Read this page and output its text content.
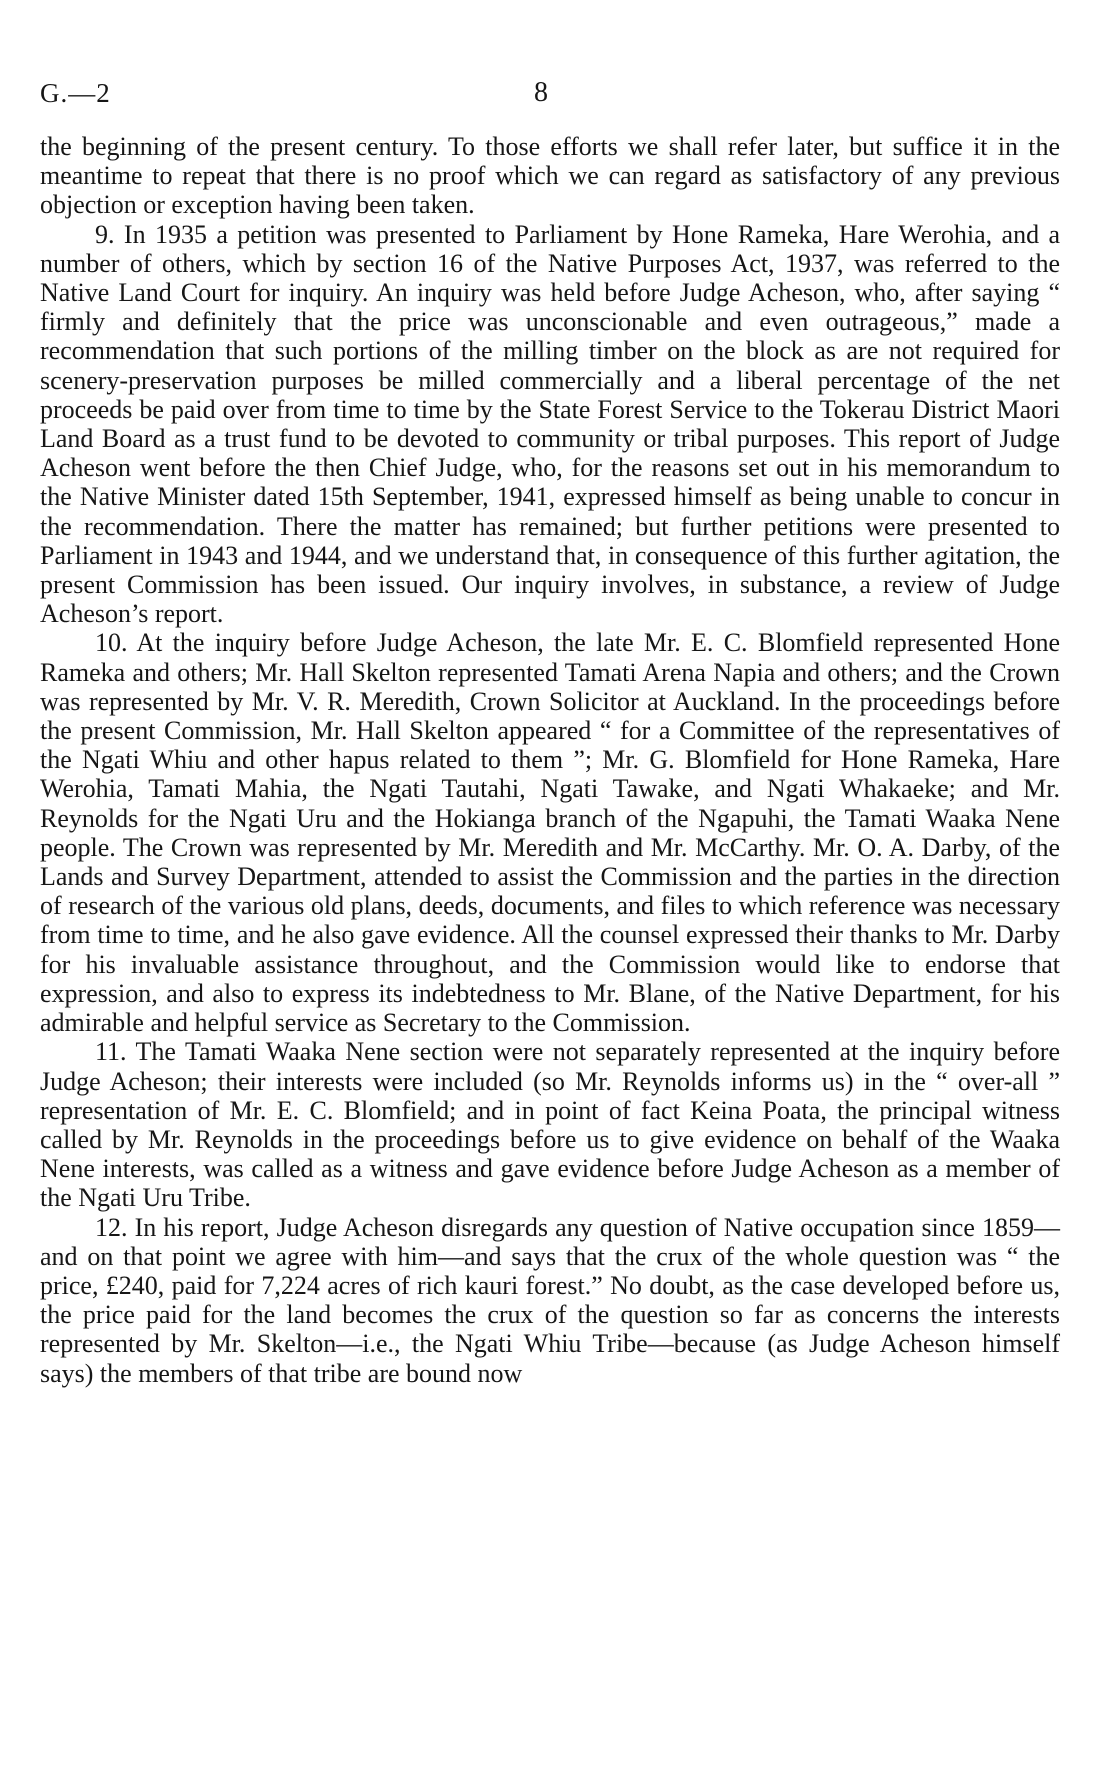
G.—2	8

the beginning of the present century. To those efforts we shall refer later, but suffice it in the meantime to repeat that there is no proof which we can regard as satisfactory of any previous objection or exception having been taken.

9. In 1935 a petition was presented to Parliament by Hone Rameka, Hare Werohia, and a number of others, which by section 16 of the Native Purposes Act, 1937, was referred to the Native Land Court for inquiry. An inquiry was held before Judge Acheson, who, after saying “ firmly and definitely that the price was unconscionable and even outrageous,” made a recommendation that such portions of the milling timber on the block as are not required for scenery-preservation purposes be milled commercially and a liberal percentage of the net proceeds be paid over from time to time by the State Forest Service to the Tokerau District Maori Land Board as a trust fund to be devoted to community or tribal purposes. This report of Judge Acheson went before the then Chief Judge, who, for the reasons set out in his memorandum to the Native Minister dated 15th September, 1941, expressed himself as being unable to concur in the recommendation. There the matter has remained; but further petitions were presented to Parliament in 1943 and 1944, and we understand that, in consequence of this further agitation, the present Commission has been issued. Our inquiry involves, in substance, a review of Judge Acheson’s report.

10. At the inquiry before Judge Acheson, the late Mr. E. C. Blomfield represented Hone Rameka and others; Mr. Hall Skelton represented Tamati Arena Napia and others; and the Crown was represented by Mr. V. R. Meredith, Crown Solicitor at Auckland. In the proceedings before the present Commission, Mr. Hall Skelton appeared “ for a Committee of the representatives of the Ngati Whiu and other hapus related to them ”; Mr. G. Blomfield for Hone Rameka, Hare Werohia, Tamati Mahia, the Ngati Tautahi, Ngati Tawake, and Ngati Whakaeke; and Mr. Reynolds for the Ngati Uru and the Hokianga branch of the Ngapuhi, the Tamati Waaka Nene people. The Crown was represented by Mr. Meredith and Mr. McCarthy. Mr. O. A. Darby, of the Lands and Survey Department, attended to assist the Commission and the parties in the direction of research of the various old plans, deeds, documents, and files to which reference was necessary from time to time, and he also gave evidence. All the counsel expressed their thanks to Mr. Darby for his invaluable assistance throughout, and the Commission would like to endorse that expression, and also to express its indebtedness to Mr. Blane, of the Native Department, for his admirable and helpful service as Secretary to the Commission.

11. The Tamati Waaka Nene section were not separately represented at the inquiry before Judge Acheson; their interests were included (so Mr. Reynolds informs us) in the “ over-all ” representation of Mr. E. C. Blomfield; and in point of fact Keina Poata, the principal witness called by Mr. Reynolds in the proceedings before us to give evidence on behalf of the Waaka Nene interests, was called as a witness and gave evidence before Judge Acheson as a member of the Ngati Uru Tribe.

12. In his report, Judge Acheson disregards any question of Native occupation since 1859—and on that point we agree with him—and says that the crux of the whole question was “ the price, £240, paid for 7,224 acres of rich kauri forest.” No doubt, as the case developed before us, the price paid for the land becomes the crux of the question so far as concerns the interests represented by Mr. Skelton—i.e., the Ngati Whiu Tribe—because (as Judge Acheson himself says) the members of that tribe are bound now
